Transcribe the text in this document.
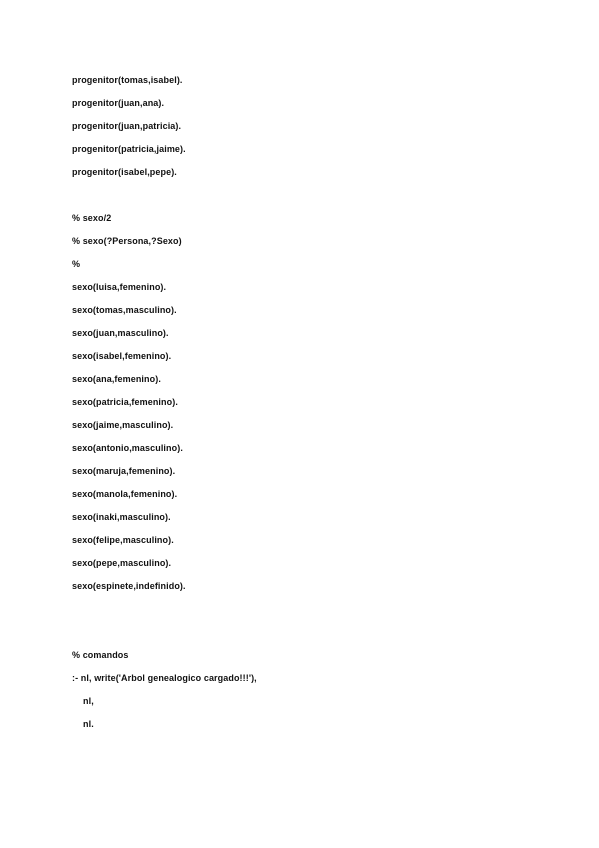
progenitor(tomas,isabel).
progenitor(juan,ana).
progenitor(juan,patricia).
progenitor(patricia,jaime).
progenitor(isabel,pepe).
% sexo/2
% sexo(?Persona,?Sexo)
%
sexo(luisa,femenino).
sexo(tomas,masculino).
sexo(juan,masculino).
sexo(isabel,femenino).
sexo(ana,femenino).
sexo(patricia,femenino).
sexo(jaime,masculino).
sexo(antonio,masculino).
sexo(maruja,femenino).
sexo(manola,femenino).
sexo(inaki,masculino).
sexo(felipe,masculino).
sexo(pepe,masculino).
sexo(espinete,indefinido).
% comandos
:- nl, write('Arbol genealogico cargado!!!'),
nl,
nl.
